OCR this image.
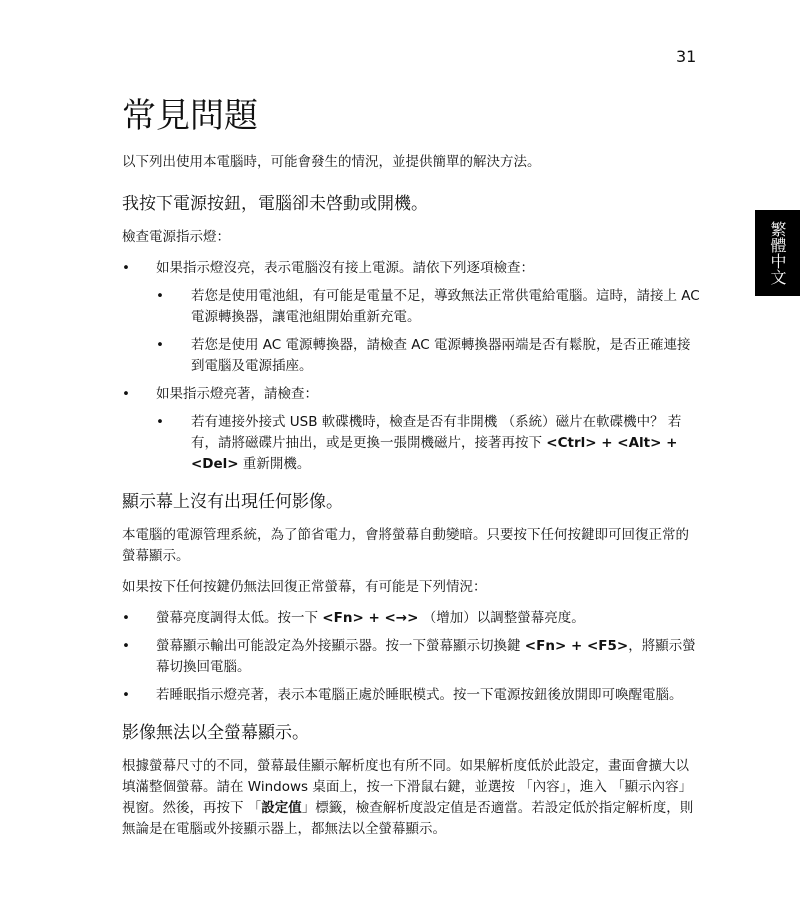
31
繁體中文
常見問題

以下列出使用本電腦時，可能會發生的情況，並提供簡單的解決方法。

我按下電源按鈕，電腦卻未啓動或開機。

檢查電源指示燈：

• 如果指示燈沒亮，表示電腦沒有接上電源。請依下列逐項檢查：
• 若您是使用電池組，有可能是電量不足，導致無法正常供電給電腦。這時，請接上 AC 電源轉換器，讓電池組開始重新充電。
• 若您是使用 AC 電源轉換器，請檢查 AC 電源轉換器兩端是否有鬆脫，是否正確連接到電腦及電源插座。
• 如果指示燈亮著，請檢查：
• 若有連接外接式 USB 軟碟機時，檢查是否有非開機 （系統）磁片在軟碟機中？ 若有，請將磁碟片抽出，或是更換一張開機磁片，接著再按下 <Ctrl> + <Alt> + <Del> 重新開機。
顯示幕上沒有出現任何影像。

本電腦的電源管理系統，為了節省電力，會將螢幕自動變暗。只要按下任何按鍵即可回復正常的螢幕顯示。

如果按下任何按鍵仍無法回復正常螢幕，有可能是下列情況：

• 螢幕亮度調得太低。按一下 <Fn> + <→> （增加）以調整螢幕亮度。
• 螢幕顯示輸出可能設定為外接顯示器。按一下螢幕顯示切換鍵 <Fn> + <F5>，將顯示螢幕切換回電腦。
• 若睡眠指示燈亮著，表示本電腦正處於睡眠模式。按一下電源按鈕後放開即可喚醒電腦。
影像無法以全螢幕顯示。

根據螢幕尺寸的不同，螢幕最佳顯示解析度也有所不同。如果解析度低於此設定，畫面會擴大以填滿整個螢幕。請在 Windows 桌面上，按一下滑鼠右鍵，並選按 「內容」，進入 「顯示內容」視窗。然後，再按下 「設定值」標籤，檢查解析度設定值是否適當。若設定低於指定解析度，則無論是在電腦或外接顯示器上，都無法以全螢幕顯示。
